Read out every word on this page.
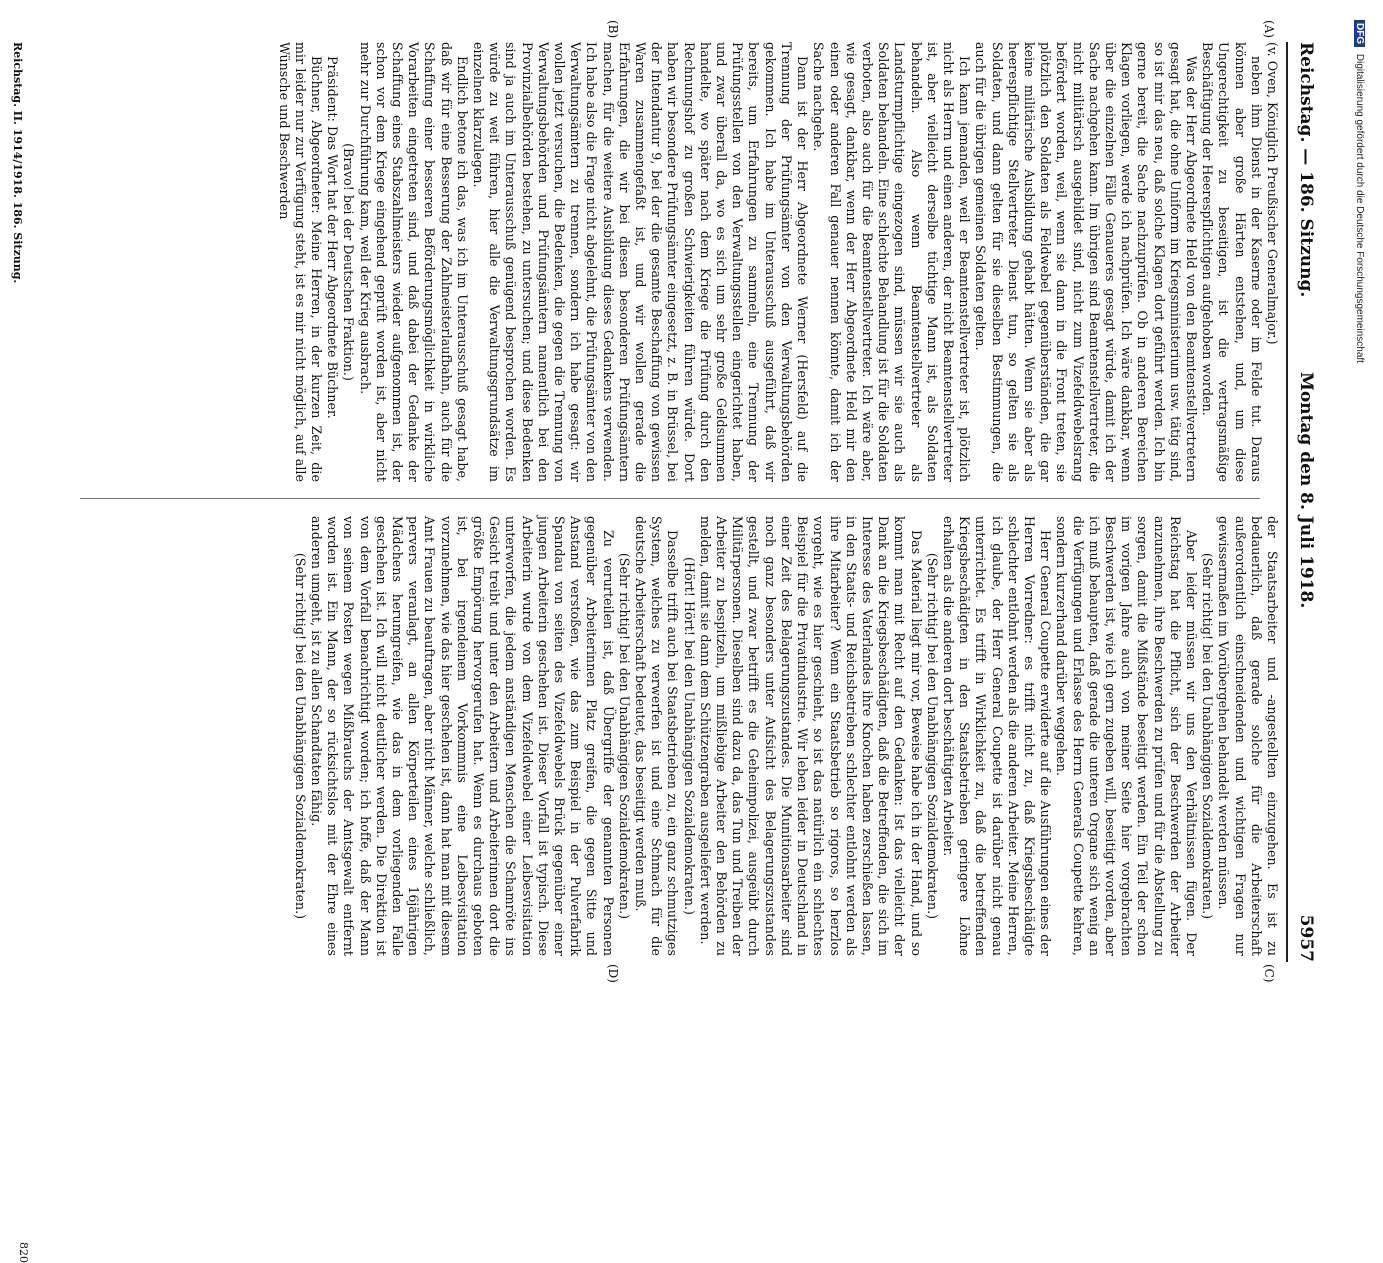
Reichstag. — 186. Sitzung.
Montag den 8. Juli 1918.
5957
(A)
(B)
(C)
(D)

(v. Oven, Königlich Preußischer Generalmajor.)

neben ihm Dienst in der Kaserne oder im Felde tut. Daraus können aber große Härten entstehen, und, um diese Ungerechtigkeit zu beseitigen, ist die vertragsmäßige Beschäftigung der Heerespflichtigen aufgehoben worden.

Was der Herr Abgeordnete Held von den Beamtenstellvertretern gesagt hat, die ohne Uniform im Kriegsministerium usw. tätig sind, so ist mir das neu, daß solche Klagen dort geführt werden. Ich bin gerne bereit, die Sache nachzuprüfen. Ob in anderen Bereichen Klagen vorliegen, werde ich nachprüfen. Ich wäre dankbar, wenn über die einzelnen Fälle Genaueres gesagt würde, damit ich der Sache nachgehen kann. Im übrigen sind Beamtenstellvertreter, die nicht militärisch ausgebildet sind, nicht zum Vizefeldwebelsrang befördert worden, weil, wenn sie dann in die Front treten, sie plötzlich den Soldaten als Feldwebel gegenüberständen, die gar keine militärische Ausbildung gehabt hätten. Wenn sie aber als heerespflichtige Stellvertreter Dienst tun, so gelten sie als Soldaten, und dann gelten für sie dieselben Bestimmungen, die auch für die übrigen gemeinen Soldaten gelten.

Ich kann jemanden, weil er Beamtenstellvertreter ist, plötzlich nicht als Herrn und einen anderen, der nicht Beamtenstellvertreter ist, aber vielleicht derselbe tüchtige Mann ist, als Soldaten behandeln. Also wenn Beamtenstellvertreter als Landsturmpflichtige eingezogen sind, müssen wir sie auch als Soldaten behandeln. Eine schlechte Behandlung ist für die Soldaten verboten, also auch für die Beamtenstellvertreter. Ich wäre aber, wie gesagt, dankbar, wenn der Herr Abgeordnete Held mir den einen oder anderen Fall genauer nennen könnte, damit ich der Sache nachgehe.

Dann ist der Herr Abgeordnete Werner (Hersfeld) auf die Trennung der Prüfungsämter von den Verwaltungsbehörden gekommen. Ich habe im Unterausschuß ausgeführt, daß wir bereits, um Erfahrungen zu sammeln, eine Trennung der Prüfungsstellen von den Verwaltungsstellen eingerichtet haben, und zwar überall da, wo es sich um sehr große Geldsummen handelte, wo später nach dem Kriege die Prüfung durch den Rechnungshof zu großen Schwierigkeiten führen würde. Dort haben wir besondere Prüfungsämter eingesetzt, z. B. in Brüssel, bei der Intendantur 9, bei der die gesamte Beschaffung von gewissen Waren zusammengefaßt ist, und wir wollen gerade die Erfahrungen, die wir bei diesen besonderen Prüfungsämtern machen, für die weitere Ausbildung dieses Gedankens verwenden. Ich habe also die Frage nicht abgelehnt, die Prüfungsämter von den Verwaltungsämtern zu trennen, sondern ich habe gesagt: wir wollen jetzt versuchen, die Bedenken, die gegen die Trennung von Verwaltungsbehörden und Prüfungsämtern namentlich bei den Provinzialbehörden bestehen, zu untersuchen; und diese Bedenken sind ja auch im Unterausschuß genügend besprochen worden. Es würde zu weit führen, hier alle die Verwaltungsgrundsätze im einzelnen klarzulegen.

Endlich betone ich das, was ich im Unterausschuß gesagt habe, daß wir für eine Besserung der Zahlmeisterlaufbahn, auch für die Schaffung einer besseren Beförderungsmöglichkeit in wirkliche Vorarbeiten eingetreten sind, und daß dabei der Gedanke der Schaffung eines Stabszahlmeisters wieder aufgenommen ist, der schon vor dem Kriege eingehend geprüft worden ist, aber nicht mehr zur Durchführung kam, weil der Krieg ausbrach.

(Bravo! bei der Deutschen Fraktion.)

Präsident: Das Wort hat der Herr Abgeordnete Büchner.

Büchner, Abgeordneter: Meine Herren, in der kurzen Zeit, die mir leider nur zur Verfügung steht, ist es mir nicht möglich, auf alle Wünsche und Beschwerden

der Staatsarbeiter und -angestellten einzugehen. Es ist zu bedauerlich, daß gerade solche für die Arbeiterschaft außerordentlich einschneidenden und wichtigen Fragen nur gewissermaßen im Vorübergehen behandelt werden müssen.

(Sehr richtig! bei den Unabhängigen Sozialdemokraten.)

Aber leider müssen wir uns den Verhältnissen fügen. Der Reichstag hat die Pflicht, sich der Beschwerden der Arbeiter anzunehmen, ihre Beschwerden zu prüfen und für die Abstellung zu sorgen, damit die Mißstände beseitigt werden. Ein Teil der schon im vorigen Jahre auch von meiner Seite hier vorgebrachten Beschwerden ist, wie ich gern zugeben will, beseitigt worden, aber ich muß behaupten, daß gerade die unteren Organe sich wenig an die Verfügungen und Erlasse des Herrn Generals Coupette kehren, sondern kurzerhand darüber weggehen.

Herr General Coupette erwiderte auf die Ausführungen eines der Herren Vorredner: es trifft nicht zu, daß Kriegsbeschädigte schlechter entlohnt werden als die anderen Arbeiter. Meine Herren, ich glaube, der Herr General Coupette ist darüber nicht genau unterrichtet. Es trifft in Wirklichkeit zu, daß die betreffenden Kriegsbeschädigten in den Staatsbetrieben geringere Löhne erhalten als die anderen dort beschäftigten Arbeiter.

(Sehr richtig! bei den Unabhängigen Sozialdemokraten.)

Das Material liegt mir vor, Beweise habe ich in der Hand, und so kommt man mit Recht auf den Gedanken: Ist das vielleicht der Dank an die Kriegsbeschädigten, daß die Betreffenden, die sich im Interesse des Vaterlandes ihre Knochen haben zerschießen lassen, in den Staats- und Reichsbetrieben schlechter entlohnt werden als ihre Mitarbeiter? Wenn ein Staatsbetrieb so rigoros, so herzlos vorgeht, wie es hier geschieht, so ist das natürlich ein schlechtes Beispiel für die Privatindustrie. Wir leben leider in Deutschland in einer Zeit des Belagerungszustandes. Die Munitionsarbeiter sind noch ganz besonders unter Aufsicht des Belagerungszustandes gestellt, und zwar betrifft es die Geheimpolizei, ausgeübt durch Militärpersonen. Dieselben sind dazu da, das Tun und Treiben der Arbeiter zu bespitzeln, um mißliebige Arbeiter den Behörden zu melden, damit sie dann dem Schützengraben ausgeliefert werden.

(Hört! Hört! bei den Unabhängigen Sozialdemokraten.)

Dasselbe trifft auch bei Staatsbetrieben zu, ein ganz schmutziges System, welches zu verwerfen ist und eine Schmach für die deutsche Arbeiterschaft bedeutet, das beseitigt werden muß.

(Sehr richtig! bei den Unabhängigen Sozialdemokraten.)

Zu verurteilen ist, daß Übergriffe der genannten Personen gegenüber Arbeiterinnen Platz greifen, die gegen Sitte und Anstand verstoßen, wie das zum Beispiel in der Pulverfabrik Spandau von seiten des Vizefeldwebels Brück gegenüber einer jungen Arbeiterin geschehen ist. Dieser Vorfall ist typisch. Diese Arbeiterin wurde von dem Vizefeldwebel einer Leibesvisitation unterworfen, die jedem anständigen Menschen die Schamröte ins Gesicht treibt und unter den Arbeitern und Arbeiterinnen dort die größte Empörung hervorgerufen hat. Wenn es durchaus geboten ist, bei irgendeinem Vorkommnis eine Leibesvisitation vorzunehmen, wie das hier geschehen ist, dann hat man mit diesem Amt Frauen zu beauftragen, aber nicht Männer, welche schließlich, pervers veranlagt, an allen Körperteilen eines 16jährigen Mädchens herumgreifen, wie das in dem vorliegenden Falle geschehen ist. Ich will nicht deutlicher werden. Die Direktion ist von dem Vorfall benachrichtigt worden; ich hoffe, daß der Mann von seinem Posten wegen Mißbrauchs der Amtsgewalt entfernt worden ist. Ein Mann, der so rücksichtslos mit der Ehre eines anderen umgeht, ist zu allen Schandtaten fähig.

(Sehr richtig! bei den Unabhängigen Sozialdemokraten.)

Reichstag. II. 1914/1918. 186. Sitzung.
820
DFG Digitalisierung gefördert durch die Deutsche Forschungsgemeinschaft
